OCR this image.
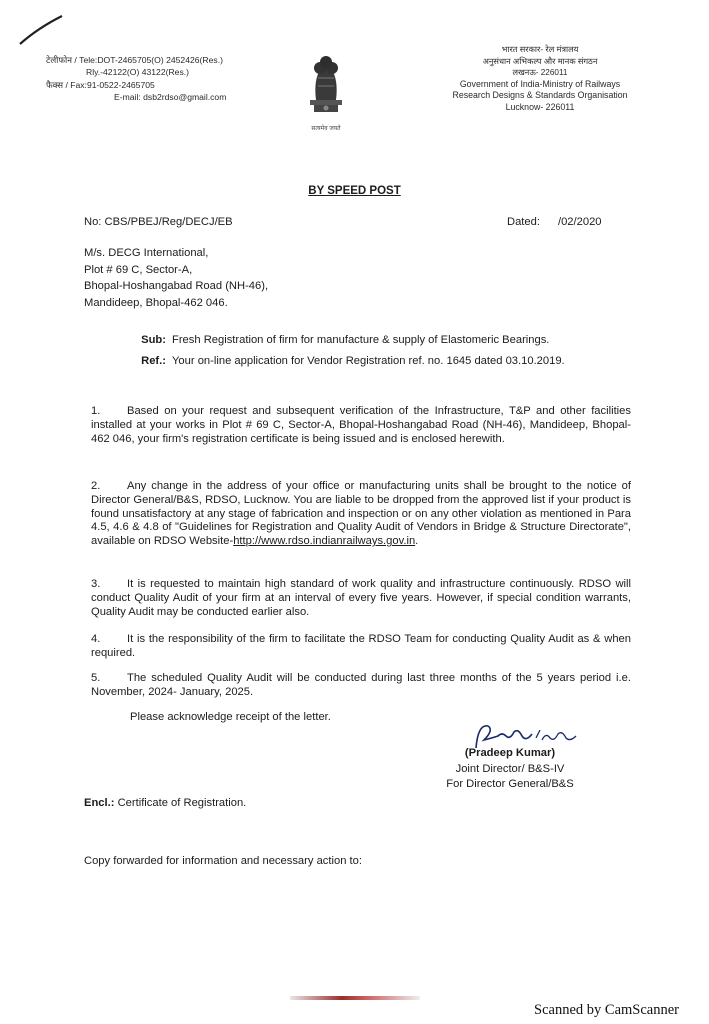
टेलीफोन / Tele:DOT-2465705(O) 2452426(Res.)
Rly.-42122(O) 43122(Res.)
फैक्स / Fax:91-0522-2465705
E-mail: dsb2rdso@gmail.com
सत्यमेव जयते
भारत सरकार- रेल मंत्रालय
अनुसंधान अभिकल्प और मानक संगठन
लखनऊ- 226011
Government of India-Ministry of Railways
Research Designs & Standards Organisation
Lucknow- 226011
BY SPEED POST
No: CBS/PBEJ/Reg/DECJ/EB	Dated: /02/2020
M/s. DECG International,
Plot # 69 C, Sector-A,
Bhopal-Hoshangabad Road (NH-46),
Mandideep, Bhopal-462 046.
Sub: Fresh Registration of firm for manufacture & supply of Elastomeric Bearings.
Ref.: Your on-line application for Vendor Registration ref. no. 1645 dated 03.10.2019.
1. Based on your request and subsequent verification of the Infrastructure, T&P and other facilities installed at your works in Plot # 69 C, Sector-A, Bhopal-Hoshangabad Road (NH-46), Mandideep, Bhopal-462 046, your firm's registration certificate is being issued and is enclosed herewith.
2. Any change in the address of your office or manufacturing units shall be brought to the notice of Director General/B&S, RDSO, Lucknow. You are liable to be dropped from the approved list if your product is found unsatisfactory at any stage of fabrication and inspection or on any other violation as mentioned in Para 4.5, 4.6 & 4.8 of "Guidelines for Registration and Quality Audit of Vendors in Bridge & Structure Directorate", available on RDSO Website-http://www.rdso.indianrailways.gov.in.
3. It is requested to maintain high standard of work quality and infrastructure continuously. RDSO will conduct Quality Audit of your firm at an interval of every five years. However, if special condition warrants, Quality Audit may be conducted earlier also.
4. It is the responsibility of the firm to facilitate the RDSO Team for conducting Quality Audit as & when required.
5. The scheduled Quality Audit will be conducted during last three months of the 5 years period i.e. November, 2024- January, 2025.
Please acknowledge receipt of the letter.
(Pradeep Kumar)
Joint Director/ B&S-IV
For Director General/B&S
Encl.: Certificate of Registration.
Copy forwarded for information and necessary action to:
Scanned by CamScanner
